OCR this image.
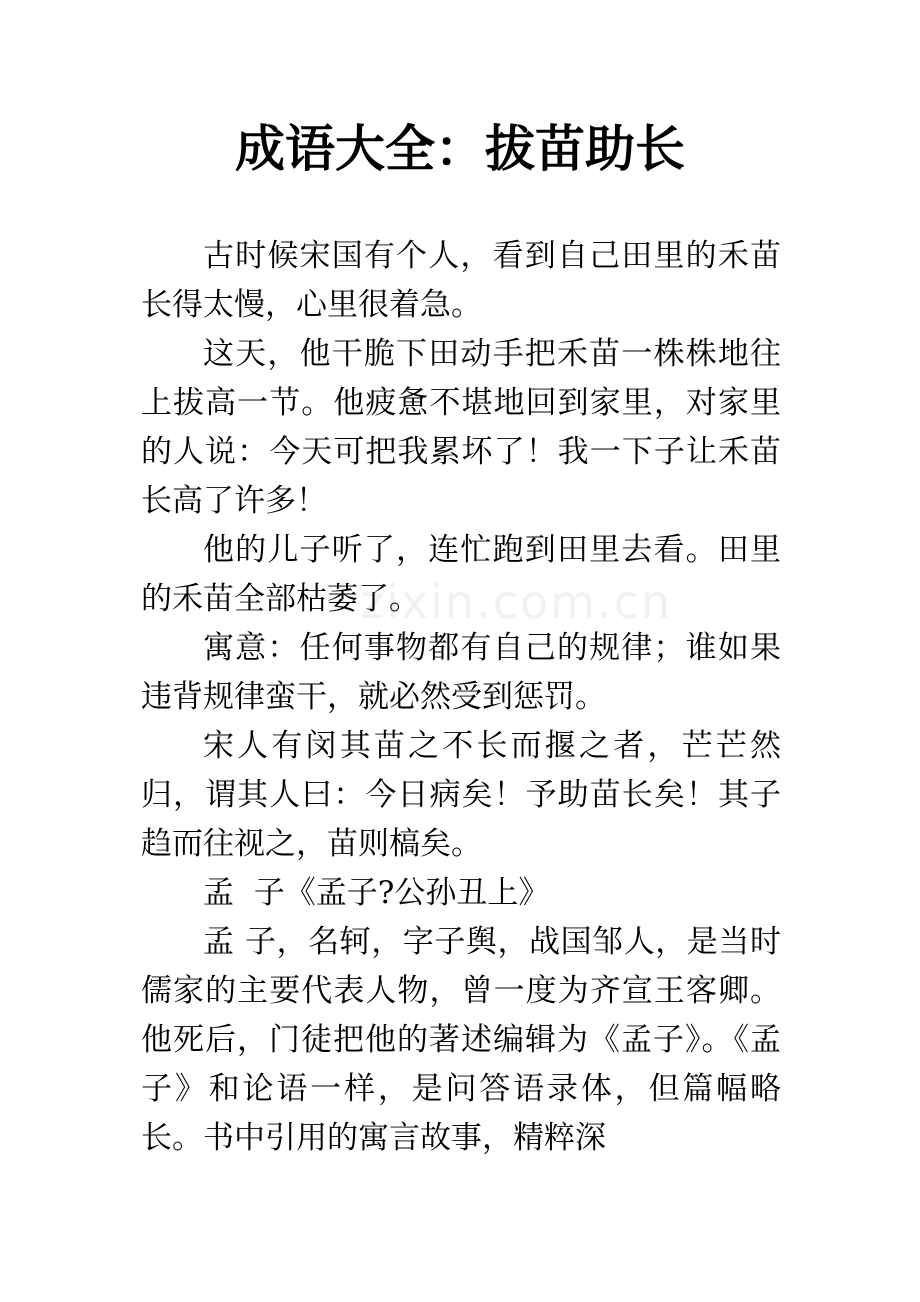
成语大全：拔苗助长
zixin.com.cn

古时候宋国有个人，看到自己田里的禾苗长得太慢，心里很着急。

这天，他干脆下田动手把禾苗一株株地往上拔高一节。他疲惫不堪地回到家里，对家里的人说：今天可把我累坏了！我一下子让禾苗长高了许多！

他的儿子听了，连忙跑到田里去看。田里的禾苗全部枯萎了。

寓意：任何事物都有自己的规律；谁如果违背规律蛮干，就必然受到惩罚。

宋人有闵其苗之不长而揠之者，芒芒然归，谓其人曰：今日病矣！予助苗长矣！其子趋而往视之，苗则槁矣。

孟  子《孟子?公孙丑上》

孟 子，名轲，字子舆，战国邹人，是当时儒家的主要代表人物，曾一度为齐宣王客卿。他死后，门徒把他的著述编辑为《孟子》。《孟子》和论语一样，是问答语录体，但篇幅略长。书中引用的寓言故事，精粹深
